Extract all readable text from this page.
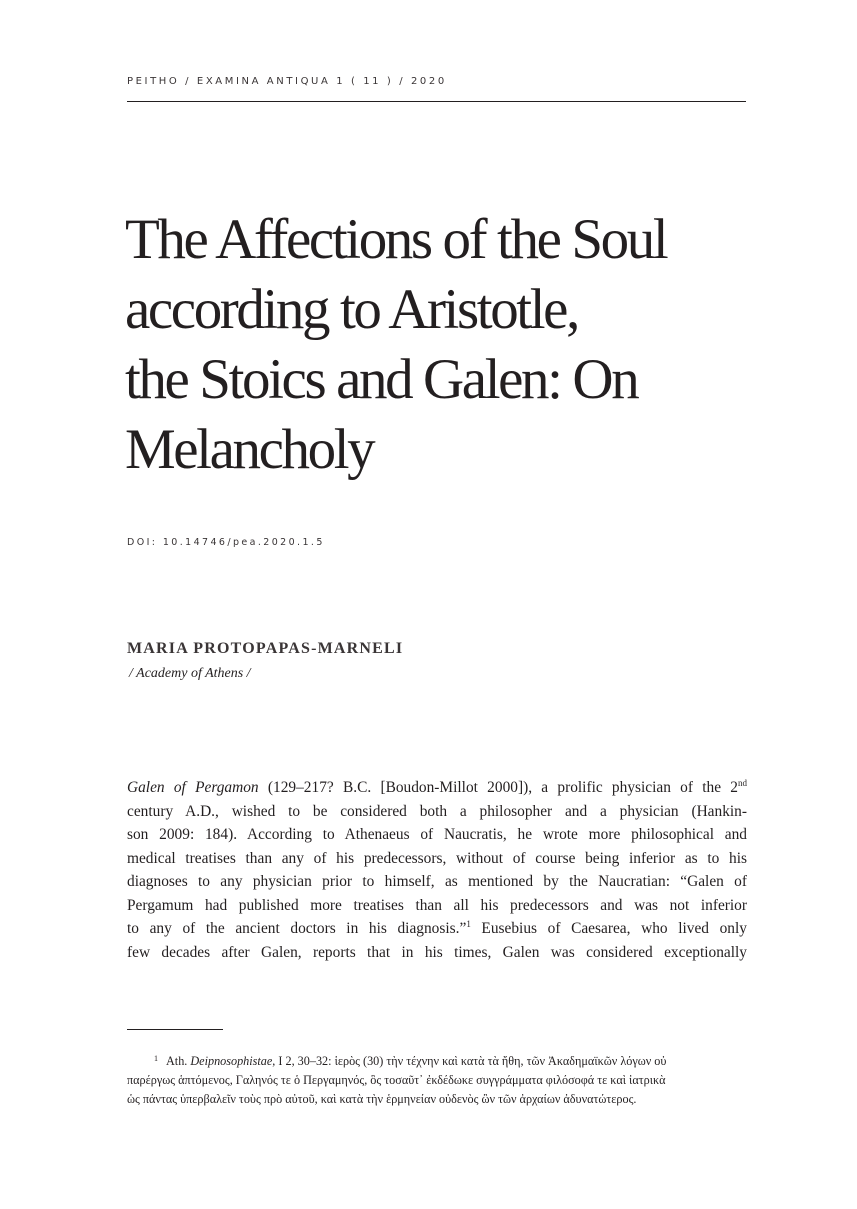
PEITHO / EXAMINA ANTIQUA 1 ( 11 ) / 2020
The Affections of the Soul
according to Aristotle,
the Stoics and Galen: On
Melancholy
DOI: 10.14746/pea.2020.1.5
MARIA PROTOPAPAS-MARNELI
/ Academy of Athens /
Galen of Pergamon (129–217? B.C. [Boudon-Millot 2000]), a prolific physician of the 2nd
century A.D., wished to be considered both a philosopher and a physician (Hankin-
son 2009: 184). According to Athenaeus of Naucratis, he wrote more philosophical and
medical treatises than any of his predecessors, without of course being inferior as to his
diagnoses to any physician prior to himself, as mentioned by the Naucratian: “Galen of
Pergamum had published more treatises than all his predecessors and was not inferior
to any of the ancient doctors in his diagnosis.”$^1$ Eusebius of Caesarea, who lived only
few decades after Galen, reports that in his times, Galen was considered exceptionally
$^1$ Ath. Deipnosophistae, I 2, 30–32: ἱερὸς (30) τὴν τέχνην καὶ κατὰ τὰ ἤθη, τῶν Ἀκαδημαϊκῶν λόγων οὐ
παρέργως ἁπτόμενος, Γαληνός τε ὁ Περγαμηνός, ὃς τοσαῦτ᾽ ἐκδέδωκε συγγράμματα φιλόσοφά τε καὶ ἰατρικὰ
ὡς πάντας ὑπερβαλεῖν τοὺς πρὸ αὐτοῦ, καὶ κατὰ τὴν ἑρμηνείαν οὐδενὸς ὢν τῶν ἀρχαίων ἀδυνατώτερος.
